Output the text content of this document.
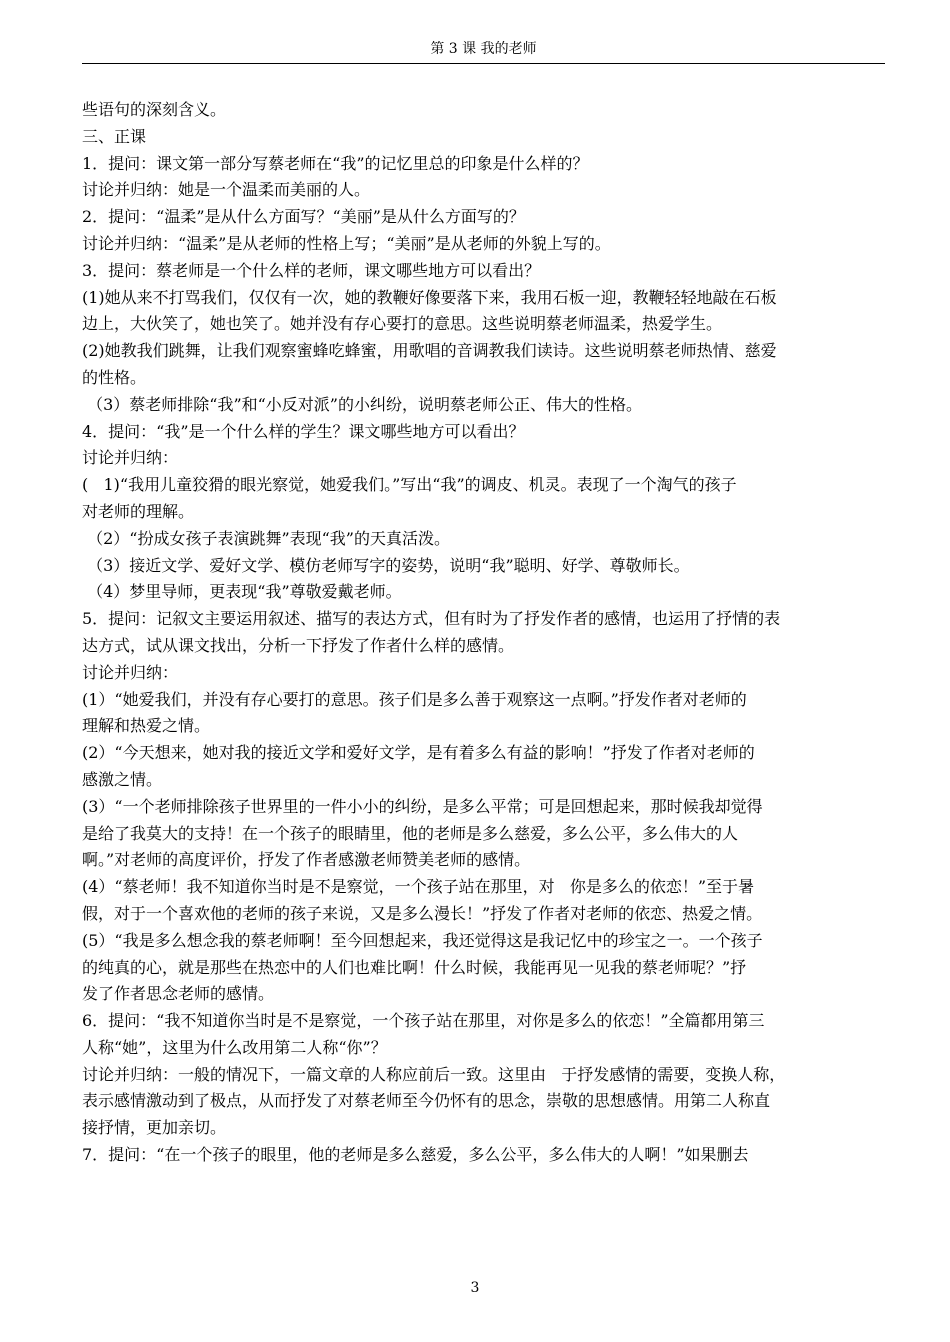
第 3 课 我的老师
些语句的深刻含义。
三、正课
1．提问：课文第一部分写蔡老师在“我”的记忆里总的印象是什么样的？
讨论并归纳：她是一个温柔而美丽的人。
2．提问：“温柔”是从什么方面写？“美丽”是从什么方面写的？
讨论并归纳：“温柔”是从老师的性格上写；“美丽”是从老师的外貌上写的。
3．提问：蔡老师是一个什么样的老师，课文哪些地方可以看出？
(1)她从来不打骂我们，仅仅有一次，她的教鞭好像要落下来，我用石板一迎，教鞭轻轻地敲在石板
边上，大伙笑了，她也笑了。她并没有存心要打的意思。这些说明蔡老师温柔，热爱学生。
(2)她教我们跳舞，让我们观察蜜蜂吃蜂蜜，用歌唱的音调教我们读诗。这些说明蔡老师热情、慈爱
的性格。
（3）蔡老师排除“我”和“小反对派”的小纠纷，说明蔡老师公正、伟大的性格。
4．提问：“我”是一个什么样的学生？课文哪些地方可以看出？
讨论并归纳：
(   1)“我用儿童狡猾的眼光察觉，她爱我们。”写出“我”的调皮、机灵。表现了一个淘气的孩子
对老师的理解。
（2）“扮成女孩子表演跳舞”表现“我”的天真活泼。
（3）接近文学、爱好文学、模仿老师写字的姿势，说明“我”聪明、好学、尊敬师长。
（4）梦里导师，更表现“我”尊敬爱戴老师。
5．提问：记叙文主要运用叙述、描写的表达方式，但有时为了抒发作者的感情，也运用了抒情的表
达方式，试从课文找出，分析一下抒发了作者什么样的感情。
讨论并归纳：
(1）“她爱我们，并没有存心要打的意思。孩子们是多么善于观察这一点啊。”抒发作者对老师的
理解和热爱之情。
(2）“今天想来，她对我的接近文学和爱好文学，是有着多么有益的影响！”抒发了作者对老师的
感激之情。
(3）“一个老师排除孩子世界里的一件小小的纠纷，是多么平常；可是回想起来，那时候我却觉得
是给了我莫大的支持！在一个孩子的眼睛里，他的老师是多么慈爱，多么公平，多么伟大的人
啊。”对老师的高度评价，抒发了作者感激老师赞美老师的感情。
(4）“蔡老师！我不知道你当时是不是察觉，一个孩子站在那里，对   你是多么的依恋！”至于暑
假，对于一个喜欢他的老师的孩子来说，又是多么漫长！”抒发了作者对老师的依恋、热爱之情。
(5）“我是多么想念我的蔡老师啊！至今回想起来，我还觉得这是我记忆中的珍宝之一。一个孩子
的纯真的心，就是那些在热恋中的人们也难比啊！什么时候，我能再见一见我的蔡老师呢？”抒
发了作者思念老师的感情。
6．提问：“我不知道你当时是不是察觉，一个孩子站在那里，对你是多么的依恋！”全篇都用第三
人称“她”，这里为什么改用第二人称“你”？
讨论并归纳：一般的情况下，一篇文章的人称应前后一致。这里由   于抒发感情的需要，变换人称，
表示感情激动到了极点，从而抒发了对蔡老师至今仍怀有的思念，崇敬的思想感情。用第二人称直
接抒情，更加亲切。
7．提问：“在一个孩子的眼里，他的老师是多么慈爱，多么公平，多么伟大的人啊！”如果删去
3
